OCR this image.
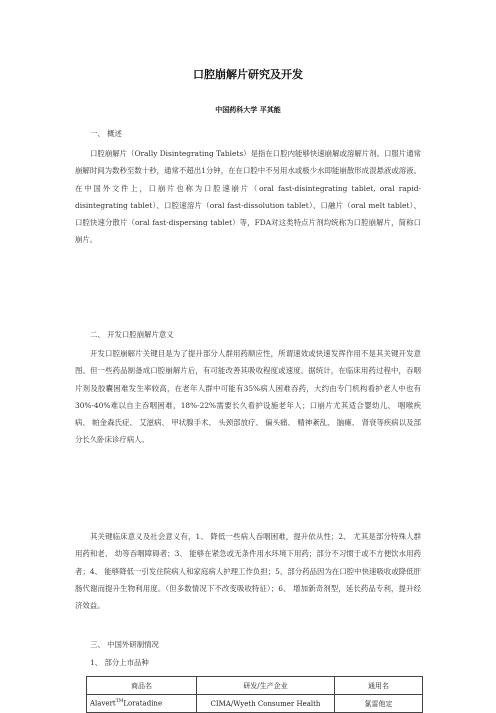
口腔崩解片研究及开发
中国药科大学 平其能
一、 概述

口腔崩解片（Orally Disintegrating Tablets）是指在口腔内能够快速崩解或溶解片剂。口服片通常崩解时间为数秒至数十秒，通常不超出1分钟，在在口腔中不另用水或极少水即能崩散形成混悬液或溶液。在中国外文件上，口崩片也称为口腔速崩片（oral fast-disintegrating tablet, oral rapid-disintegrating tablet）、口腔速溶片（oral fast-dissolution tablet）、口融片（oral melt tablet）、口腔快速分散片（oral fast-dispersing tablet）等，FDA对这类特点片剂均统称为口腔崩解片，简称口崩片。

二、 开发口腔崩解片意义

开发口腔崩解片关键目是为了提升部分人群用药顺应性，所谓速效或快速发挥作用不是其关键开发意图。但一些药品制备成口腔崩解片后，有可能改善其吸收程度或速度。据统计，在临床用药过程中，吞咽片剂及胶囊困难发生率较高，在老年人群中可能有35%病人困难吞药，大约由专门机构看护老人中也有30%-40%难以自主吞咽困难，18%-22%需要长久看护设施老年人；口崩片尤其适合婴幼儿、 咽喉疾病、 帕金森氏症、 艾滋病、 甲状腺手术、 头颈部放疗、 偏头痛、 精神紊乱、 脑瘫、 肾衰等疾病以及部分长久卧床诊疗病人。

其关键临床意义及社会意义有，1、 降低一些病人吞咽困难，提升依从性；2、 尤其是部分特殊人群用药和老、 幼等吞咽障碍者；3、 能够在紧急或无条件用水环境下用药；部分不习惯于或不方便饮水用药者；4、 能够降低一引发住院病人和家庭病人护理工作负担；5、部分药品因为在口腔中快速吸收或降低肝肠代谢而提升生物利用度。（但多数情况下不改变吸收特征）；6、 增加新奇剂型，延长药品专利，提升经济效益。

三、 中国外研制情况
1、 部分上市品种
商品名	研发/生产企业	通用名
Alavert™Loratadine	CIMA/Wyeth Consumer Health	氯雷他定
